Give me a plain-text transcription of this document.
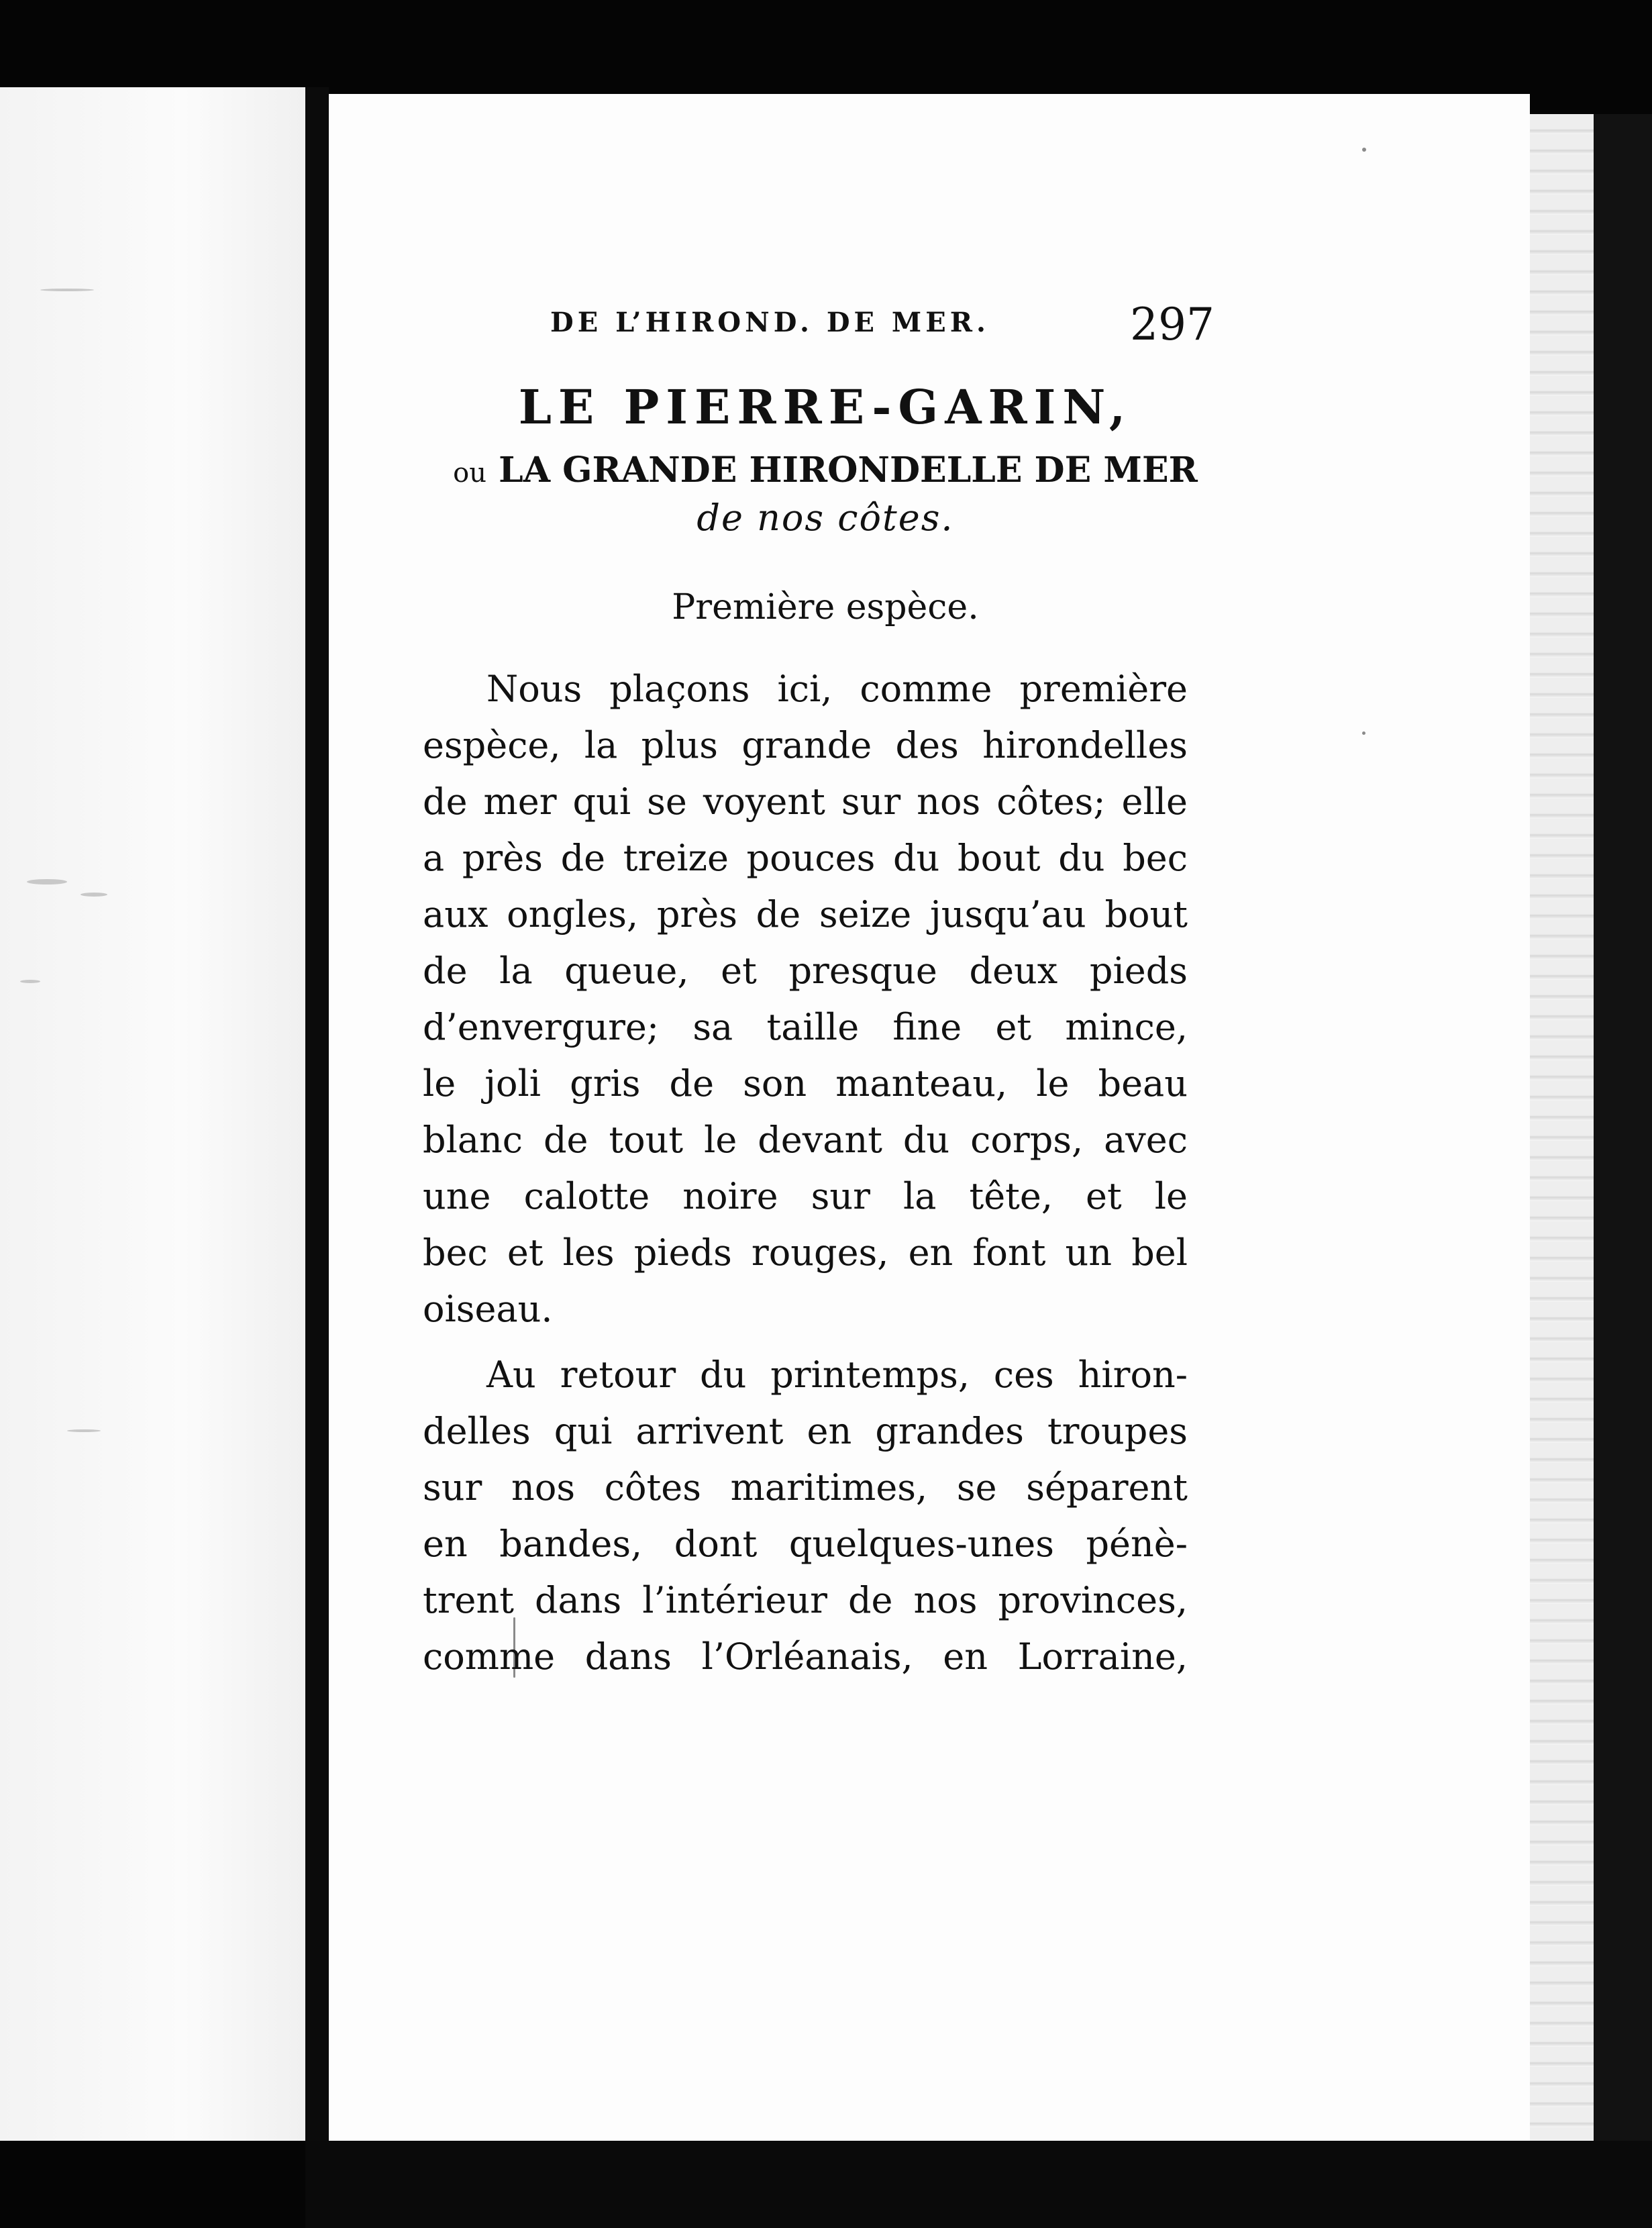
DE L’HIROND. DE MER.	297
LE PIERRE-GARIN,
ou LA GRANDE HIRONDELLE DE MER
de nos côtes.
Première espèce.
Nous plaçons ici, comme première
espèce, la plus grande des hirondelles
de mer qui se voyent sur nos côtes; elle
a près de treize pouces du bout du bec
aux ongles, près de seize jusqu’au bout
de la queue, et presque deux pieds
d’envergure; sa taille fine et mince,
le joli gris de son manteau, le beau
blanc de tout le devant du corps, avec
une calotte noire sur la tête, et le
bec et les pieds rouges, en font un bel
oiseau.
Au retour du printemps, ces hiron-
delles qui arrivent en grandes troupes
sur nos côtes maritimes, se séparent
en bandes, dont quelques-unes pénè-
trent dans l’intérieur de nos provinces,
comme dans l’Orléanais, en Lorraine,
